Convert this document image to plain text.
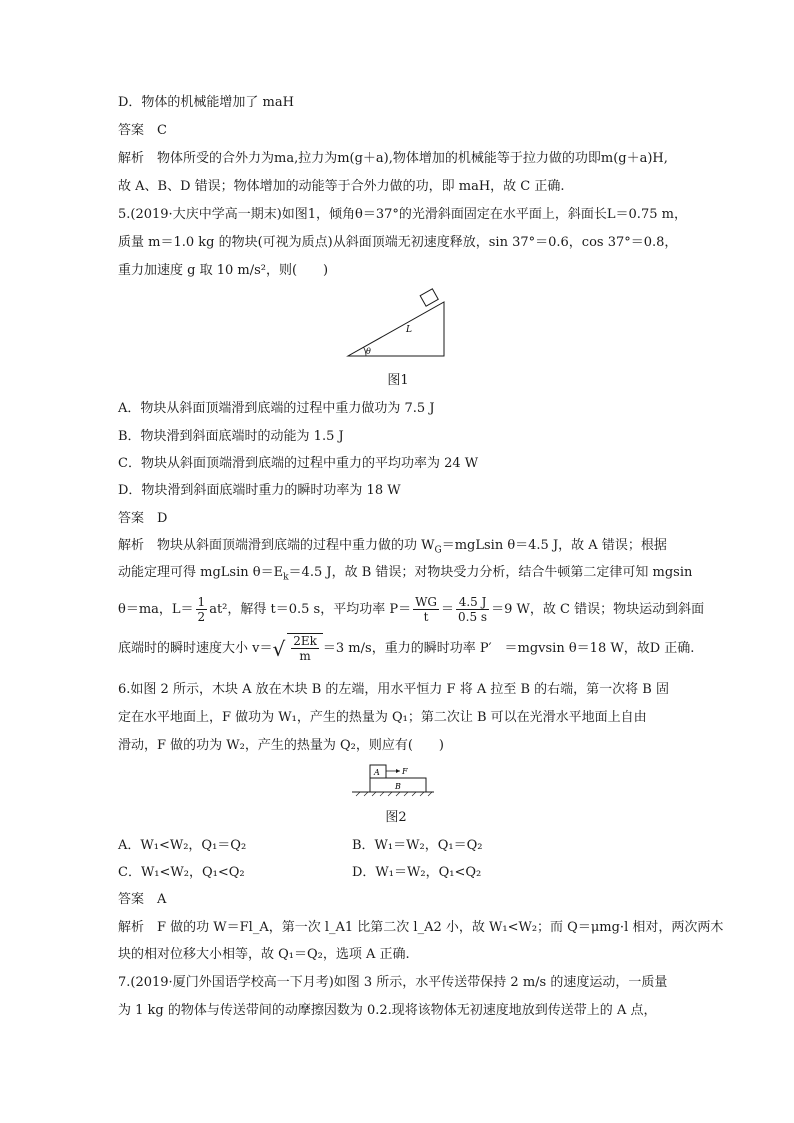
D．物体的机械能增加了 maH
答案　C
解析　物体所受的合外力为ma,拉力为m(g＋a),物体增加的机械能等于拉力做的功即m(g＋a)H,
故 A、B、D 错误；物体增加的动能等于合外力做的功，即 maH，故 C 正确.
5.(2019·大庆中学高一期末)如图1，倾角θ＝37°的光滑斜面固定在水平面上，斜面长L＝0.75 m，
质量 m＝1.0 kg 的物块(可视为质点)从斜面顶端无初速度释放，sin 37°＝0.6，cos 37°＝0.8，
重力加速度 g 取 10 m/s²，则(　　)
θ
L
图1
A．物块从斜面顶端滑到底端的过程中重力做功为 7.5 J
B．物块滑到斜面底端时的动能为 1.5 J
C．物块从斜面顶端滑到底端的过程中重力的平均功率为 24 W
D．物块滑到斜面底端时重力的瞬时功率为 18 W
答案　D
解析　物块从斜面顶端滑到底端的过程中重力做的功 $W_G=mgLsin$ θ＝4.5 J，故 A 错误；根据
动能定理可得 mgLsin $\theta=E_k=4.5$ J，故 B 错误；对物块受力分析，结合牛顿第二定律可知 mgsin
θ＝ma，$L= \frac{1}{2} at^2$，解得 t＝0.5 s，平均功率 $P= \frac{WG}{t} = \frac{4.5 J}{0.5 s} =9$ W，故 C 错误；物块运动到斜面
底端时的瞬时速度大小 $v=√ \frac{2Ek}{m} =3$ m/s，重力的瞬时功率 P′　＝mgvsin θ＝18 W，故D 正确.
6.如图 2 所示，木块 A 放在木块 B 的左端，用水平恒力 F 将 A 拉至 B 的右端，第一次将 B 固
定在水平地面上，F 做功为 W₁，产生的热量为 Q₁；第二次让 B 可以在光滑水平地面上自由
滑动，F 做的功为 W₂，产生的热量为 Q₂，则应有(　　)
A	F
B
图2
A．W₁<W₂，Q₁＝Q₂	B．W₁＝W₂，Q₁＝Q₂
C．W₁<W₂，Q₁<Q₂	D．W₁＝W₂，Q₁<Q₂
答案　A
解析　F 做的功 W＝Fl_A，第一次 l_A1 比第二次 l_A2 小，故 W₁<W₂；而 Q＝μmg·l 相对，两次两木
块的相对位移大小相等，故 Q₁＝Q₂，选项 A 正确.
7.(2019·厦门外国语学校高一下月考)如图 3 所示，水平传送带保持 2 m/s 的速度运动，一质量
为 1 kg 的物体与传送带间的动摩擦因数为 0.2.现将该物体无初速度地放到传送带上的 A 点，
